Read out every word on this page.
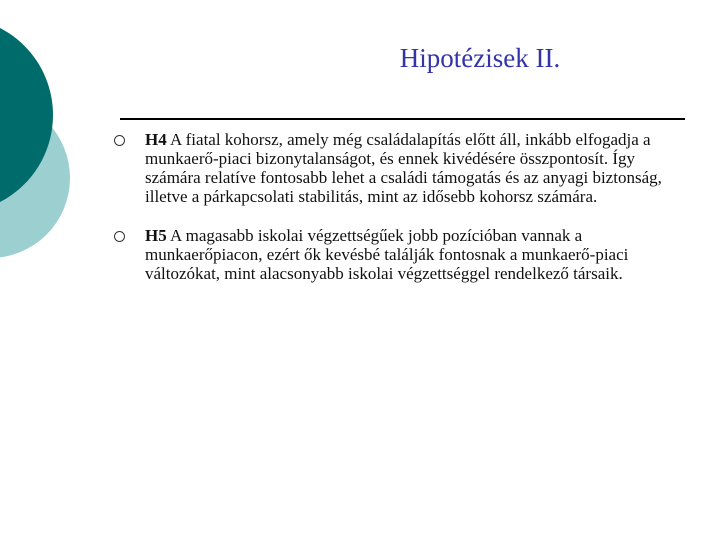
Hipotézisek II.
H4 A fiatal kohorsz, amely még családalapítás előtt áll, inkább elfogadja a munkaerő-piaci bizonytalanságot, és ennek kivédésére összpontosít. Így számára relatíve fontosabb lehet a családi támogatás és az anyagi biztonság, illetve a párkapcsolati stabilitás, mint az idősebb kohorsz számára.
H5 A magasabb iskolai végzettségűek jobb pozícióban vannak a munkaerőpiacon, ezért ők kevésbé találják fontosnak a munkaerő-piaci változókat, mint alacsonyabb iskolai végzettséggel rendelkező társaik.
